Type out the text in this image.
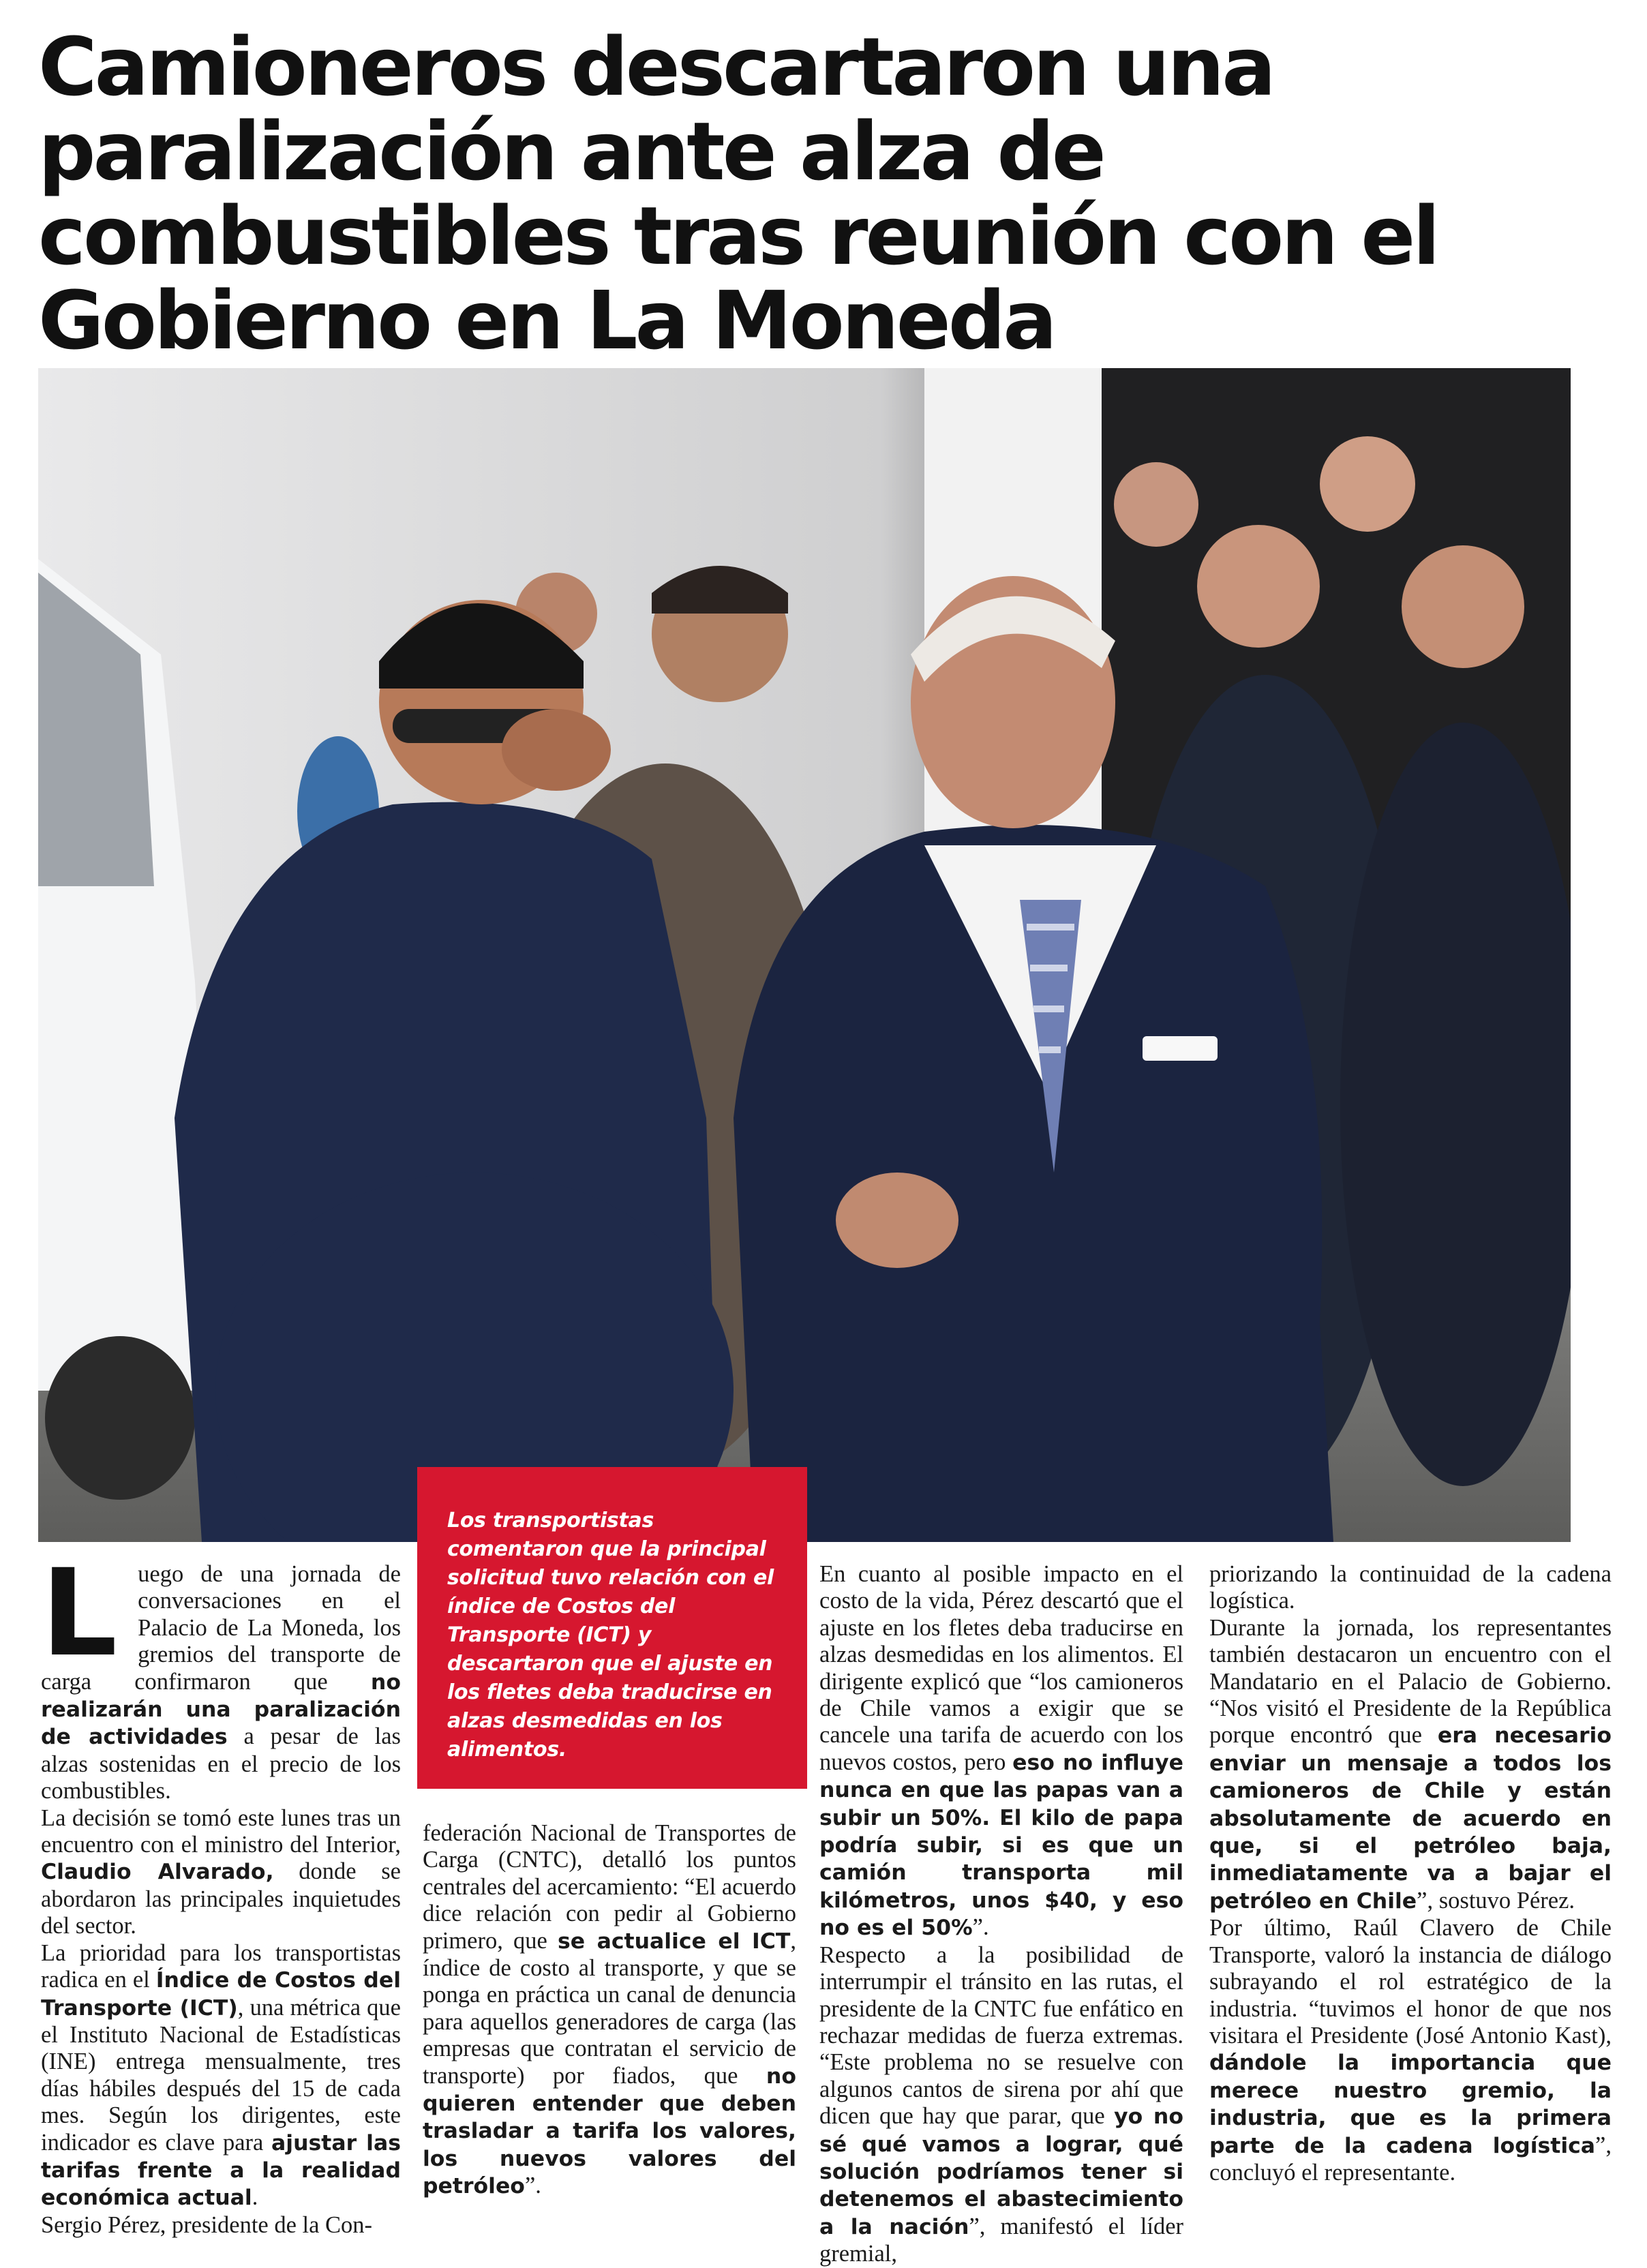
Camioneros descartaron una paralización ante alza de combustibles tras reunión con el Gobierno en La Moneda
Los transportistas comentaron que la principal solicitud tuvo relación con el índice de Costos del Transporte (ICT) y descartaron que el ajuste en los fletes deba traducirse en alzas desmedidas en los alimentos.
L uego de una jornada de conversaciones en el Palacio de La Moneda, los gremios del transporte de carga confirmaron que no realizarán una paralización de actividades a pesar de las alzas sostenidas en el precio de los combustibles.

La decisión se tomó este lunes tras un encuentro con el ministro del Interior, Claudio Alvarado, donde se abordaron las principales inquietudes del sector.

La prioridad para los transportistas radica en el Índice de Costos del Transporte (ICT), una métrica que el Instituto Nacional de Estadísticas (INE) entrega mensualmente, tres días hábiles después del 15 de cada mes. Según los dirigentes, este indicador es clave para ajustar las tarifas frente a la realidad económica actual.

Sergio Pérez, presidente de la Con-

federación Nacional de Transportes de Carga (CNTC), detalló los puntos centrales del acercamiento: “El acuerdo dice relación con pedir al Gobierno primero, que se actualice el ICT, índice de costo al transporte, y que se ponga en práctica un canal de denuncia para aquellos generadores de carga (las empresas que contratan el servicio de transporte) por fiados, que no quieren entender que deben trasladar a tarifa los valores, los nuevos valores del petróleo”.

En cuanto al posible impacto en el costo de la vida, Pérez descartó que el ajuste en los fletes deba traducirse en alzas desmedidas en los alimentos. El dirigente explicó que “los camioneros de Chile vamos a exigir que se cancele una tarifa de acuerdo con los nuevos costos, pero eso no influye nunca en que las papas van a subir un 50%. El kilo de papa podría subir, si es que un camión transporta mil kilómetros, unos $40, y eso no es el 50%”.

Respecto a la posibilidad de interrumpir el tránsito en las rutas, el presidente de la CNTC fue enfático en rechazar medidas de fuerza extremas. “Este problema no se resuelve con algunos cantos de sirena por ahí que dicen que hay que parar, que yo no sé qué vamos a lograr, qué solución podríamos tener si detenemos el abastecimiento a la nación”, manifestó el líder gremial,

priorizando la continuidad de la cadena logística.

Durante la jornada, los representantes también destacaron un encuentro con el Mandatario en el Palacio de Gobierno. “Nos visitó el Presidente de la República porque encontró que era necesario enviar un mensaje a todos los camioneros de Chile y están absolutamente de acuerdo en que, si el petróleo baja, inmediatamente va a bajar el petróleo en Chile”, sostuvo Pérez.

Por último, Raúl Clavero de Chile Transporte, valoró la instancia de diálogo subrayando el rol estratégico de la industria. “tuvimos el honor de que nos visitara el Presidente (José Antonio Kast), dándole la importancia que merece nuestro gremio, la industria, que es la primera parte de la cadena logística”, concluyó el representante.
